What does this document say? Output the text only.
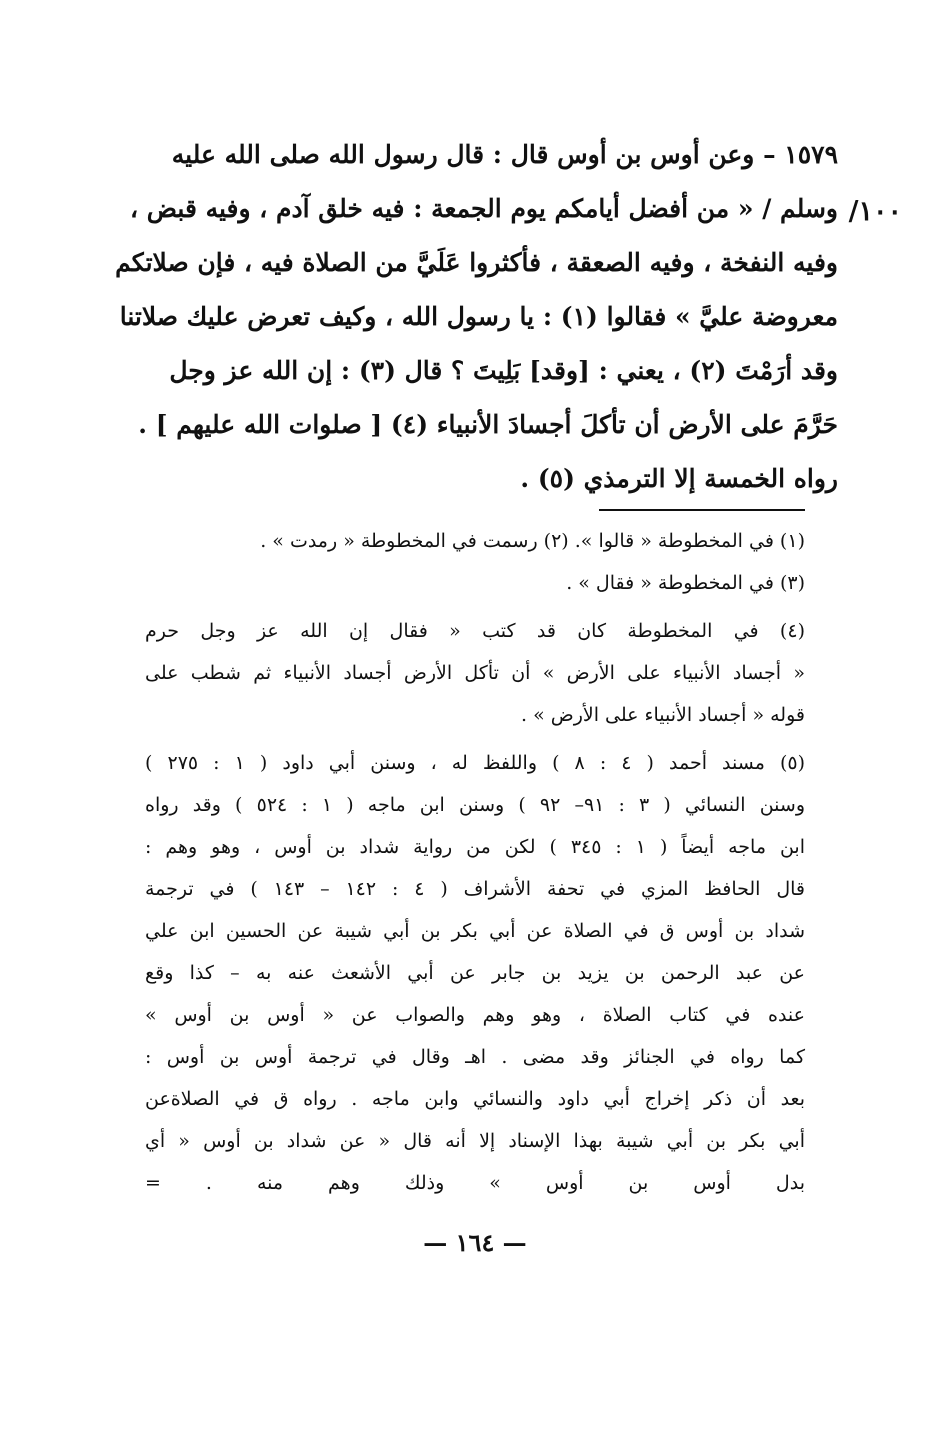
١٠٠/
١٥٧٩ – وعن أوس بن أوس قال : قال رسول الله صلى الله عليه
وسلم / « من أفضل أيامكم يوم الجمعة : فيه خلق آدم ، وفيه قبض ،
وفيه النفخة ، وفيه الصعقة ، فأكثروا عَلَيَّ من الصلاة فيه ، فإن صلاتكم
معروضة عليَّ » فقالوا (١) : يا رسول الله ، وكيف تعرض عليك صلاتنا
وقد أرَمْتَ (٢) ، يعني : [وقد] بَلِيتَ ؟ قال (٣) : إن الله عز وجل
حَرَّمَ على الأرض أن تأكلَ أجسادَ الأنبياء (٤) [ صلوات الله عليهم ] .
رواه الخمسة إلا الترمذي (٥) .
(١) في المخطوطة « قالوا ». (٢) رسمت في المخطوطة « رمدت » .
(٣) في المخطوطة « فقال » .
(٤) في المخطوطة كان قد كتب « فقال إن الله عز وجل حرم
« أجساد الأنبياء على الأرض » أن تأكل الأرض أجساد الأنبياء ثم شطب على
قوله « أجساد الأنبياء على الأرض » .
(٥) مسند أحمد ( ٤ : ٨ ) واللفظ له ، وسنن أبي داود ( ١ : ٢٧٥ )
وسنن النسائي ( ٣ : ٩١– ٩٢ ) وسنن ابن ماجه ( ١ : ٥٢٤ ) وقد رواه
ابن ماجه أيضاً ( ١ : ٣٤٥ ) لكن من رواية شداد بن أوس ، وهو وهم :
قال الحافظ المزي في تحفة الأشراف ( ٤ : ١٤٢ – ١٤٣ ) في ترجمة
شداد بن أوس ق في الصلاة عن أبي بكر بن أبي شيبة عن الحسين ابن علي
عن عبد الرحمن بن يزيد بن جابر عن أبي الأشعث عنه به – كذا وقع
عنده في كتاب الصلاة ، وهو وهم والصواب عن « أوس بن أوس »
كما رواه في الجنائز وقد مضى . اهـ وقال في ترجمة أوس بن أوس :
بعد أن ذكر إخراج أبي داود والنسائي وابن ماجه . رواه ق في الصلاةعن
أبي بكر بن أبي شيبة بهذا الإسناد إلا أنه قال « عن شداد بن أوس « أي
بدل أوس بن أوس » وذلك وهم منه . =
— ١٦٤ —
